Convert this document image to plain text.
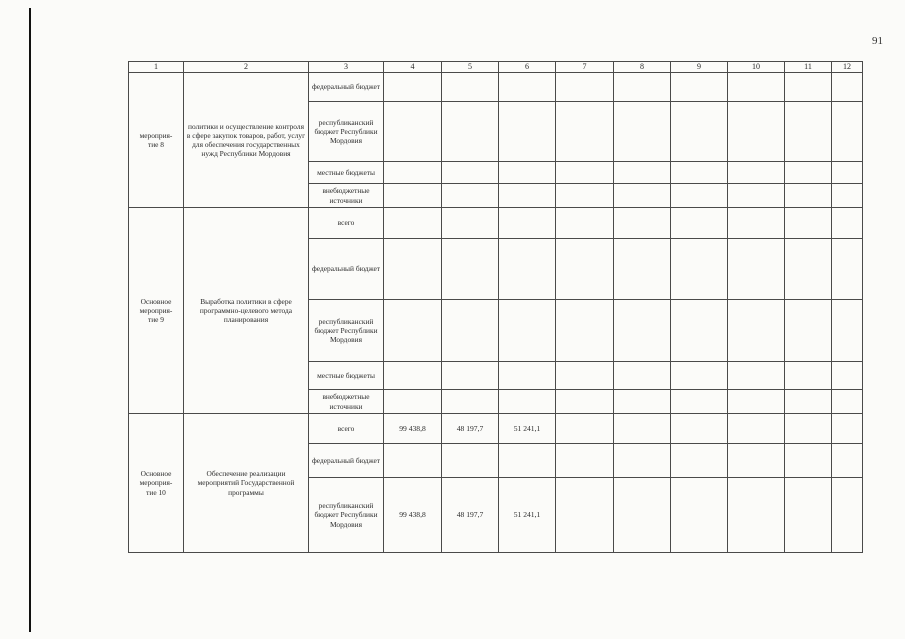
91
1	2	3	4	5	6	7	8	9	10	11	12
мероприя-
тие 8	политики и осуществление контроля в сфере закупок товаров, работ, услуг для обеспечения государственных нужд Республики Мордовия	федеральный бюджет									
		республиканский бюджет Республики Мордовия									
		местные бюджеты									
		внебюджетные источники									
Основное мероприя-
тие 9	Выработка политики в сфере программно-целевого метода планирования	всего									
		федеральный бюджет									
		республиканский бюджет Республики Мордовия									
		местные бюджеты									
		внебюджетные источники									
Основное мероприя-
тие 10	Обеспечение реализации мероприятий Государственной программы	всего	99 438,8	48 197,7	51 241,1						
		федеральный бюджет									
		республиканский бюджет Республики Мордовия	99 438,8	48 197,7	51 241,1						
